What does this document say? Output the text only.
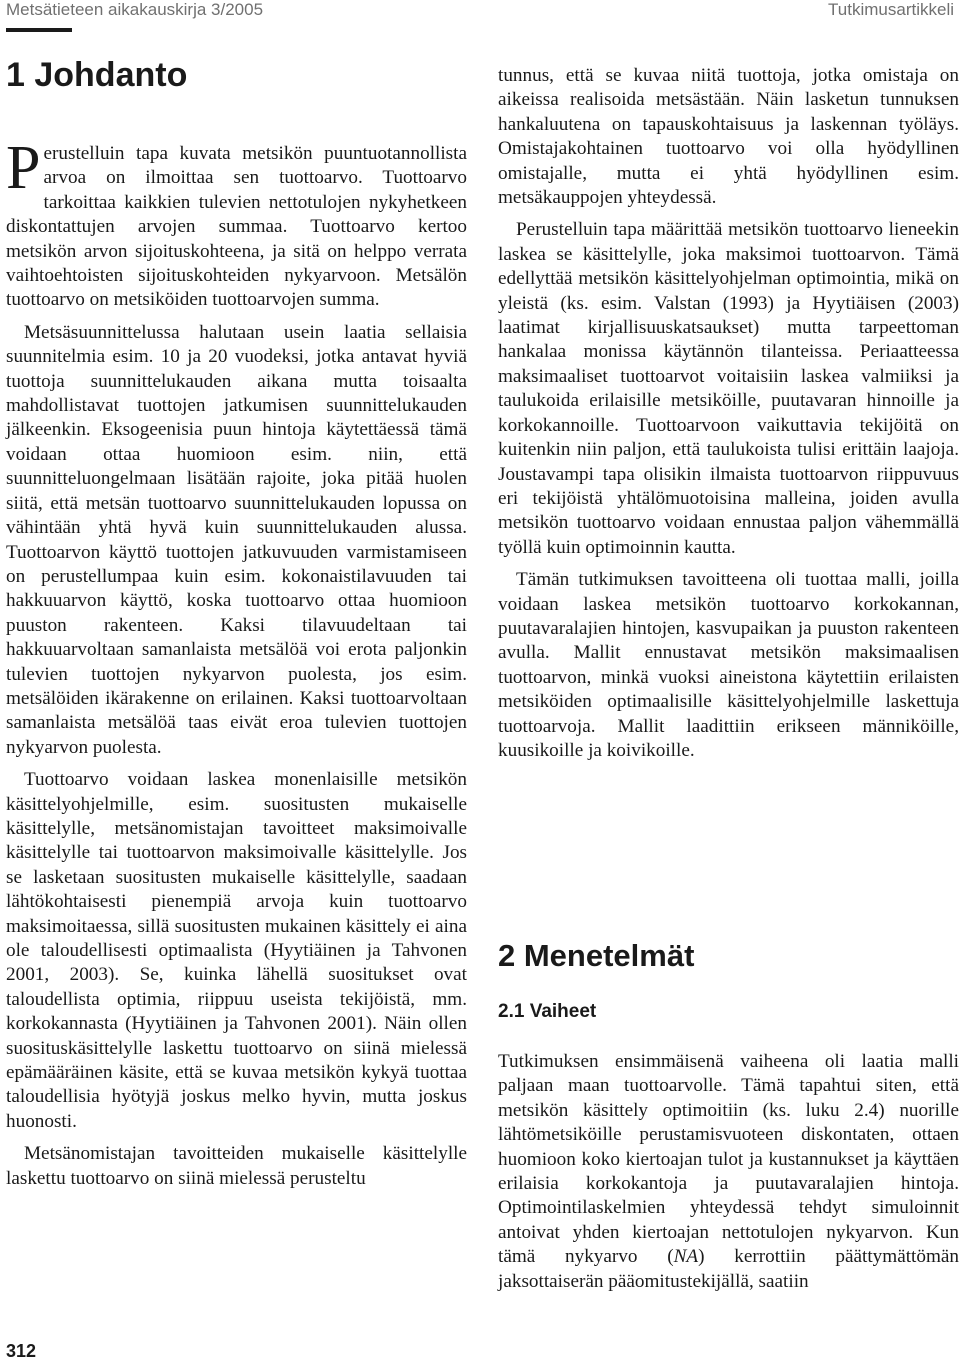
Metsätieteen aikakauskirja 3/2005	Tutkimusartikkeli
1 Johdanto

Perustelluin tapa kuvata metsikön puuntuotannollista arvoa on ilmoittaa sen tuottoarvo. Tuottoarvo tarkoittaa kaikkien tulevien nettotulojen nykyhetkeen diskontattujen arvojen summaa. Tuottoarvo kertoo metsikön arvon sijoituskohteena, ja sitä on helppo verrata vaihtoehtoisten sijoituskohteiden nykyarvoon. Metsälön tuottoarvo on metsiköiden tuottoarvojen summa.

Metsäsuunnittelussa halutaan usein laatia sellaisia suunnitelmia esim. 10 ja 20 vuodeksi, jotka antavat hyviä tuottoja suunnittelukauden aikana mutta toisaalta mahdollistavat tuottojen jatkumisen suunnittelukauden jälkeenkin. Eksogeenisia puun hintoja käytettäessä tämä voidaan ottaa huomioon esim. niin, että suunnitteluongelmaan lisätään rajoite, joka pitää huolen siitä, että metsän tuottoarvo suunnittelukauden lopussa on vähintään yhtä hyvä kuin suunnittelukauden alussa. Tuottoarvon käyttö tuottojen jatkuvuuden varmistamiseen on perustellumpaa kuin esim. kokonaistilavuuden tai hakkuuarvon käyttö, koska tuottoarvo ottaa huomioon puuston rakenteen. Kaksi tilavuudeltaan tai hakkuuarvoltaan samanlaista metsälöä voi erota paljonkin tulevien tuottojen nykyarvon puolesta, jos esim. metsälöiden ikärakenne on erilainen. Kaksi tuottoarvoltaan samanlaista metsälöä taas eivät eroa tulevien tuottojen nykyarvon puolesta.

Tuottoarvo voidaan laskea monenlaisille metsikön käsittelyohjelmille, esim. suositusten mukaiselle käsittelylle, metsänomistajan tavoitteet maksimoivalle käsittelylle tai tuottoarvon maksimoivalle käsittelylle. Jos se lasketaan suositusten mukaiselle käsittelylle, saadaan lähtökohtaisesti pienempiä arvoja kuin tuottoarvo maksimoitaessa, sillä suositusten mukainen käsittely ei aina ole taloudellisesti optimaalista (Hyytiäinen ja Tahvonen 2001, 2003). Se, kuinka lähellä suositukset ovat taloudellista optimia, riippuu useista tekijöistä, mm. korkokannasta (Hyytiäinen ja Tahvonen 2001). Näin ollen suosituskäsittelylle laskettu tuottoarvo on siinä mielessä epämääräinen käsite, että se kuvaa metsikön kykyä tuottaa taloudellisia hyötyjä joskus melko hyvin, mutta joskus huonosti.

Metsänomistajan tavoitteiden mukaiselle käsittelylle laskettu tuottoarvo on siinä mielessä perusteltu

tunnus, että se kuvaa niitä tuottoja, jotka omistaja on aikeissa realisoida metsästään. Näin lasketun tunnuksen hankaluutena on tapauskohtaisuus ja laskennan työläys. Omistajakohtainen tuottoarvo voi olla hyödyllinen omistajalle, mutta ei yhtä hyödyllinen esim. metsäkauppojen yhteydessä.

Perustelluin tapa määrittää metsikön tuottoarvo lieneekin laskea se käsittelylle, joka maksimoi tuottoarvon. Tämä edellyttää metsikön käsittelyohjelman optimointia, mikä on yleistä (ks. esim. Valstan (1993) ja Hyytiäisen (2003) laatimat kirjallisuuskatsaukset) mutta tarpeettoman hankalaa monissa käytännön tilanteissa. Periaatteessa maksimaaliset tuottoarvot voitaisiin laskea valmiiksi ja taulukoida erilaisille metsiköille, puutavaran hinnoille ja korkokannoille. Tuottoarvoon vaikuttavia tekijöitä on kuitenkin niin paljon, että taulukoista tulisi erittäin laajoja. Joustavampi tapa olisikin ilmaista tuottoarvon riippuvuus eri tekijöistä yhtälömuotoisina malleina, joiden avulla metsikön tuottoarvo voidaan ennustaa paljon vähemmällä työllä kuin optimoinnin kautta.

Tämän tutkimuksen tavoitteena oli tuottaa malli, joilla voidaan laskea metsikön tuottoarvo korkokannan, puutavaralajien hintojen, kasvupaikan ja puuston rakenteen avulla. Mallit ennustavat metsikön maksimaalisen tuottoarvon, minkä vuoksi aineistona käytettiin erilaisten metsiköiden optimaalisille käsittelyohjelmille laskettuja tuottoarvoja. Mallit laadittiin erikseen männiköille, kuusikoille ja koivikoille.

2 Menetelmät
2.1 Vaiheet

Tutkimuksen ensimmäisenä vaiheena oli laatia malli paljaan maan tuottoarvolle. Tämä tapahtui siten, että metsikön käsittely optimoitiin (ks. luku 2.4) nuorille lähtömetsiköille perustamisvuoteen diskontaten, ottaen huomioon koko kiertoajan tulot ja kustannukset ja käyttäen erilaisia korkokantoja ja puutavaralajien hintoja. Optimointilaskelmien yhteydessä tehdyt simuloinnit antoivat yhden kiertoajan nettotulojen nykyarvon. Kun tämä nykyarvo (NA) kerrottiin päättymättömän jaksottaiserän pääomitustekijällä, saatiin

312
